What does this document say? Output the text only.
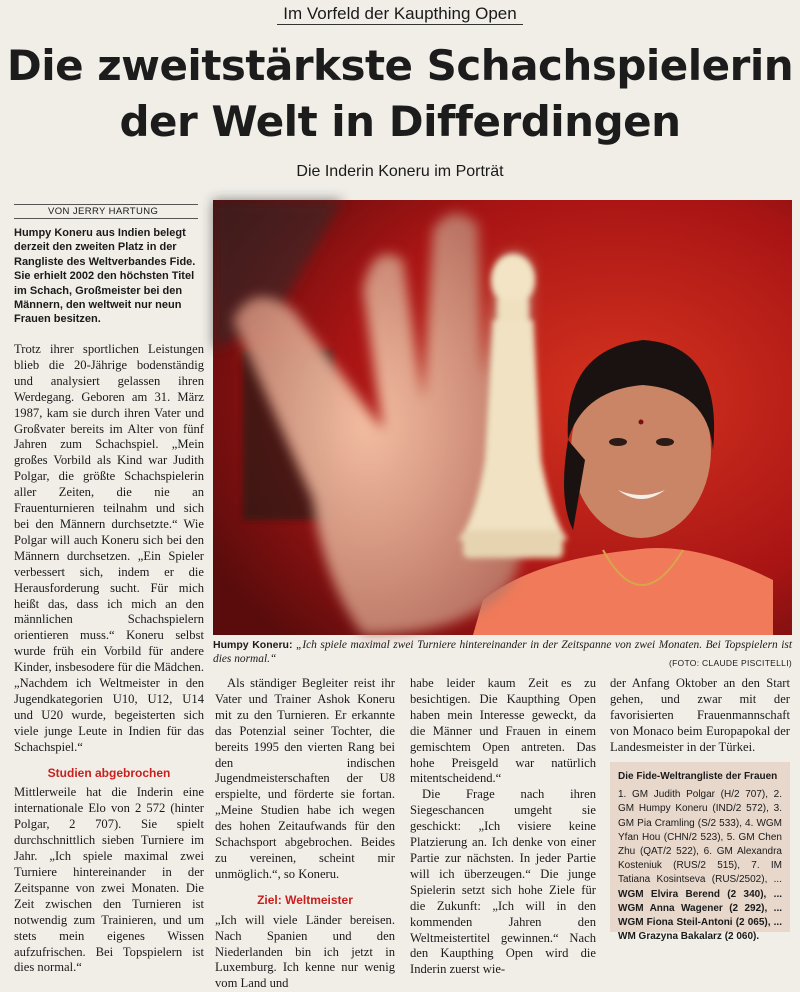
Im Vorfeld der Kaupthing Open
Die zweitstärkste Schachspielerin
der Welt in Differdingen
Die Inderin Koneru im Porträt
VON JERRY HARTUNG
Humpy Koneru aus Indien belegt derzeit den zweiten Platz in der Rangliste des Weltverbandes Fide. Sie erhielt 2002 den höchsten Titel im Schach, Großmeister bei den Männern, den weltweit nur neun Frauen besitzen.

Trotz ihrer sportlichen Leistungen blieb die 20-Jährige bodenständig und analysiert gelassen ihren Werdegang. Geboren am 31. März 1987, kam sie durch ihren Vater und Großvater bereits im Alter von fünf Jahren zum Schachspiel. „Mein großes Vorbild als Kind war Judith Polgar, die größte Schachspielerin aller Zeiten, die nie an Frauenturnieren teilnahm und sich bei den Männern durchsetzte.“ Wie Polgar will auch Koneru sich bei den Männern durchsetzen. „Ein Spieler verbessert sich, indem er die Herausforderung sucht. Für mich heißt das, dass ich mich an den männlichen Schachspielern orientieren muss.“ Koneru selbst wurde früh ein Vorbild für andere Kinder, insbesodere für die Mädchen. „Nachdem ich Weltmeister in den Jugendkategorien U10, U12, U14 und U20 wurde, begeisterten sich viele junge Leute in Indien für das Schachspiel.“

Studien abgebrochen

Mittlerweile hat die Inderin eine internationale Elo von 2 572 (hinter Polgar, 2 707). Sie spielt durchschnittlich sieben Turniere im Jahr. „Ich spiele maximal zwei Turniere hintereinander in der Zeitspanne von zwei Monaten. Die Zeit zwischen den Turnieren ist notwendig zum Trainieren, und um stets mein eigenes Wissen aufzufrischen. Bei Topspielern ist dies normal.“

Humpy Koneru: „Ich spiele maximal zwei Turniere hintereinander in der Zeitspanne von zwei Monaten. Bei Topspielern ist dies normal.“	(FOTO: CLAUDE PISCITELLI)

Als ständiger Begleiter reist ihr Vater und Trainer Ashok Koneru mit zu den Turnieren. Er erkannte das Potenzial seiner Tochter, die bereits 1995 den vierten Rang bei den indischen Jugendmeisterschaften der U8 erspielte, und förderte sie fortan. „Meine Studien habe ich wegen des hohen Zeitaufwands für den Schachsport abgebrochen. Beides zu vereinen, scheint mir unmöglich.“, so Koneru.

Ziel: Weltmeister

„Ich will viele Länder bereisen. Nach Spanien und den Niederlanden bin ich jetzt in Luxemburg. Ich kenne nur wenig vom Land und

habe leider kaum Zeit es zu besichtigen. Die Kaupthing Open haben mein Interesse geweckt, da die Männer und Frauen in einem gemischtem Open antreten. Das hohe Preisgeld war natürlich mitentscheidend.“

Die Frage nach ihren Siegeschancen umgeht sie geschickt: „Ich visiere keine Platzierung an. Ich denke von einer Partie zur nächsten. In jeder Partie will ich überzeugen.“ Die junge Spielerin setzt sich hohe Ziele für die Zukunft: „Ich will in den kommenden Jahren den Weltmeistertitel gewinnen.“ Nach den Kaupthing Open wird die Inderin zuerst wie-

der Anfang Oktober an den Start gehen, und zwar mit der favorisierten Frauenmannschaft von Monaco beim Europapokal der Landesmeister in der Türkei.

Die Fide-Weltrangliste der Frauen
1. GM Judith Polgar (H/2 707), 2. GM Humpy Koneru (IND/2 572), 3. GM Pia Cramling (S/2 533), 4. WGM Yfan Hou (CHN/2 523), 5. GM Chen Zhu (QAT/2 522), 6. GM Alexandra Kosteniuk (RUS/2 515), 7. IM Tatiana Kosintseva (RUS/2502), ... WGM Elvira Berend (2 340), ... WGM Anna Wagener (2 292), ... WGM Fiona Steil-Antoni (2 065), ... WM Grazyna Bakalarz (2 060).
